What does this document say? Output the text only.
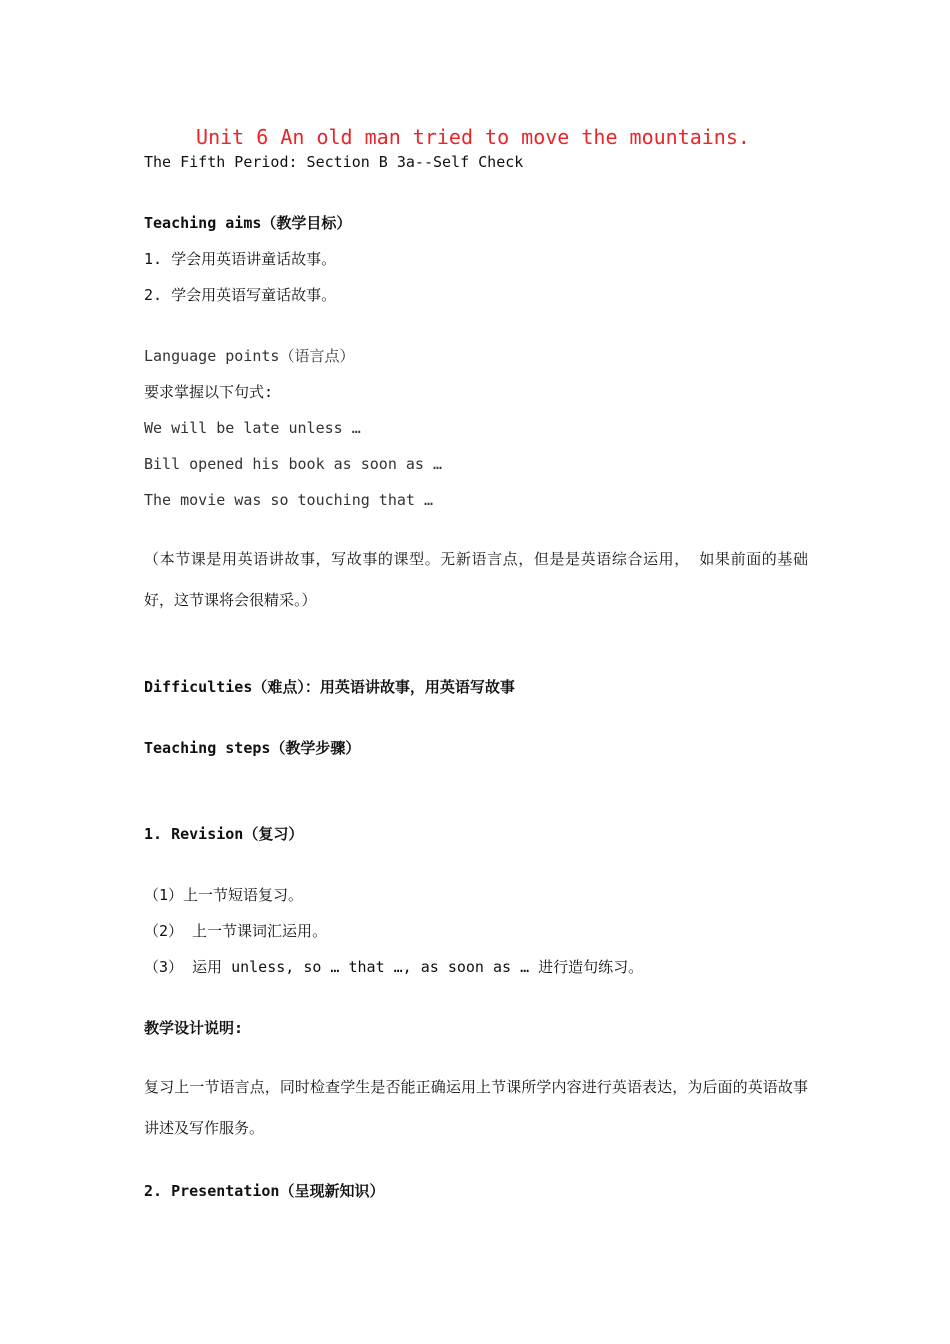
Unit 6 An old man tried to move the mountains.
The Fifth Period: Section B 3a--Self Check
Teaching aims（教学目标）
1. 学会用英语讲童话故事。
2. 学会用英语写童话故事。
Language points（语言点）
要求掌握以下句式:
We will be late unless …
Bill opened his book as soon as …
The movie was so touching that …
（本节课是用英语讲故事，写故事的课型。无新语言点，但是是英语综合运用， 如果前面的基础好，这节课将会很精采。）
Difficulties（难点）：用英语讲故事，用英语写故事
Teaching steps（教学步骤）
1. Revision（复习）
（1）上一节短语复习。
（2） 上一节课词汇运用。
（3） 运用 unless, so … that …, as soon as … 进行造句练习。
教学设计说明:
复习上一节语言点，同时检查学生是否能正确运用上节课所学内容进行英语表达，为后面的英语故事讲述及写作服务。
2. Presentation（呈现新知识）
